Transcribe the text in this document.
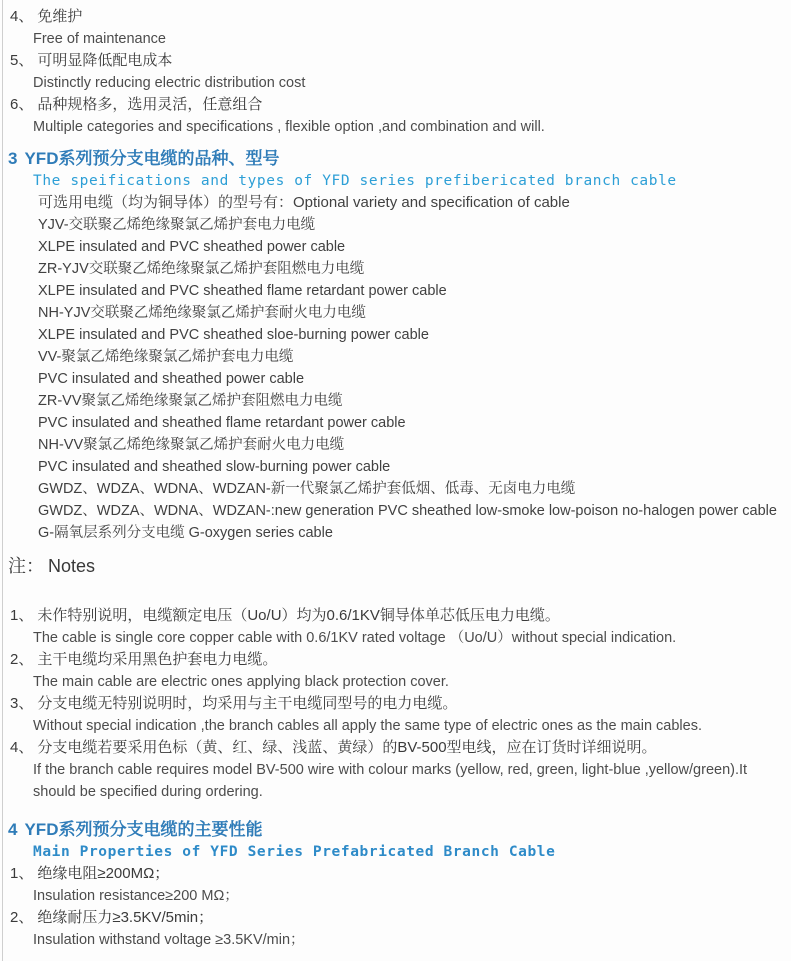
4、 免维护
Free of maintenance
5、 可明显降低配电成本
Distinctly reducing electric distribution cost
6、 品种规格多，选用灵活，任意组合
Multiple categories and specifications , flexible option ,and combination and will.
3 YFD系列预分支电缆的品种、型号
The speifications and types of YFD series prefibericated branch cable
可选用电缆（均为铜导体）的型号有：Optional variety and specification of cable
YJV-交联聚乙烯绝缘聚氯乙烯护套电力电缆
XLPE insulated and PVC sheathed power cable
ZR-YJV交联聚乙烯绝缘聚氯乙烯护套阻燃电力电缆
XLPE insulated and PVC sheathed flame retardant power cable
NH-YJV交联聚乙烯绝缘聚氯乙烯护套耐火电力电缆
XLPE insulated and PVC sheathed sloe-burning power cable
VV-聚氯乙烯绝缘聚氯乙烯护套电力电缆
PVC insulated and sheathed power cable
ZR-VV聚氯乙烯绝缘聚氯乙烯护套阻燃电力电缆
PVC insulated and sheathed flame retardant power cable
NH-VV聚氯乙烯绝缘聚氯乙烯护套耐火电力电缆
PVC insulated and sheathed slow-burning power cable
GWDZ、WDZA、WDNA、WDZAN-新一代聚氯乙烯护套低烟、低毒、无卤电力电缆
GWDZ、WDZA、WDNA、WDZAN-:new generation PVC sheathed low-smoke low-poison no-halogen power cable
G-隔氧层系列分支电缆 G-oxygen series cable
注： Notes
1、 未作特别说明，电缆额定电压（Uo/U）均为0.6/1KV铜导体单芯低压电力电缆。
The cable is single core copper cable with 0.6/1KV rated voltage （Uo/U）without special indication.
2、 主干电缆均采用黑色护套电力电缆。
The main cable are electric ones applying black protection cover.
3、 分支电缆无特别说明时，均采用与主干电缆同型号的电力电缆。
Without special indication ,the branch cables all apply the same type of electric ones as the main cables.
4、 分支电缆若要采用色标（黄、红、绿、浅蓝、黄绿）的BV-500型电线，应在订货时详细说明。
If the branch cable requires model BV-500 wire with colour marks (yellow, red, green, light-blue ,yellow/green).It should be specified during ordering.
4 YFD系列预分支电缆的主要性能
Main Properties of YFD Series Prefabricated Branch Cable
1、 绝缘电阻≥200MΩ；
Insulation resistance≥200 MΩ；
2、 绝缘耐压力≥3.5KV/5min；
Insulation withstand voltage ≥3.5KV/min；
